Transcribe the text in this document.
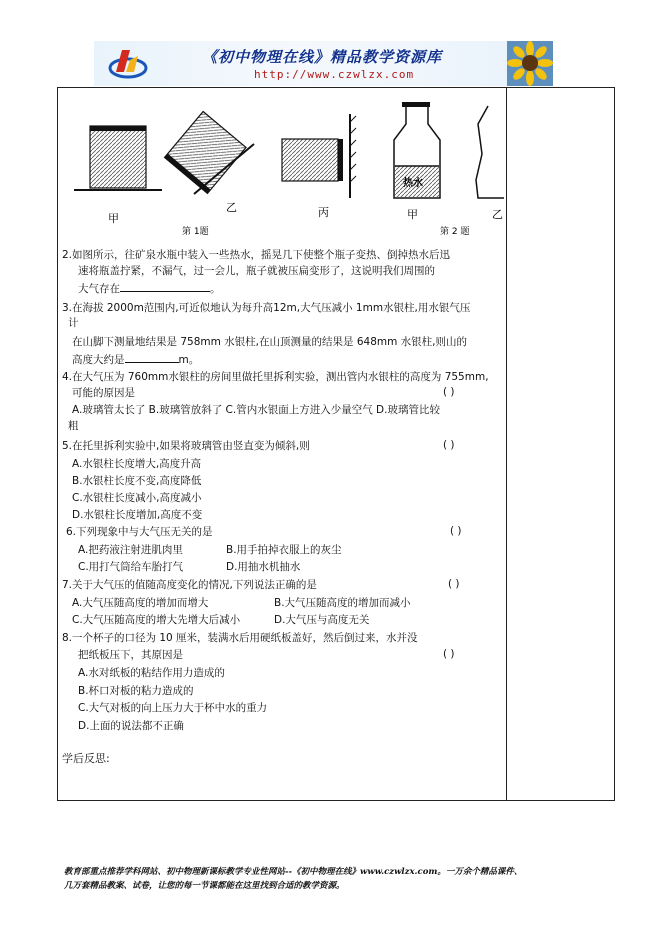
《初中物理在线》精品教学资源库
http://www.czwlzx.com
甲
乙	丙
热水
甲	乙
第 1题	第 2 题
2.如图所示，往矿泉水瓶中装入一些热水，摇晃几下使整个瓶子变热、倒掉热水后迅
速将瓶盖拧紧，不漏气，过一会儿，瓶子就被压扁变形了，这说明我们周围的
大气存在	。
3.在海拔 2000m范围内,可近似地认为每升高12m,大气压减小 1mm水银柱,用水银气压
计
在山脚下测量地结果是 758mm 水银柱,在山顶测量的结果是 648mm 水银柱,则山的
高度大约是	m。
4.在大气压为 760mm水银柱的房间里做托里拆利实验，测出管内水银柱的高度为 755mm,
可能的原因是	( )
A.玻璃管太长了 B.玻璃管放斜了 C.管内水银面上方进入少量空气 D.玻璃管比较
粗
5.在托里拆利实验中,如果将玻璃管由竖直变为倾斜,则	( )
A.水银柱长度增大,高度升高
B.水银柱长度不变,高度降低
C.水银柱长度减小,高度减小
D.水银柱长度增加,高度不变
6.下列现象中与大气压无关的是	( )
A.把药液注射进肌肉里	B.用手拍掉衣服上的灰尘
C.用打气筒给车胎打气	D.用抽水机抽水
7.关于大气压的值随高度变化的情况,下列说法正确的是	( )
A.大气压随高度的增加而增大	B.大气压随高度的增加而减小
C.大气压随高度的增大先增大后减小	D.大气压与高度无关
8.一个杯子的口径为 10 厘米，装满水后用硬纸板盖好，然后倒过来，水并没
把纸板压下，其原因是	( )
A.水对纸板的粘结作用力造成的
B.杯口对板的粘力造成的
C.大气对板的向上压力大于杯中水的重力
D.上面的说法都不正确
学后反思:
教育部重点推荐学科网站、初中物理新课标教学专业性网站--《初中物理在线》www.czwlzx.com。一万余个精品课件、
几万套精品教案、试卷，让您的每一节课都能在这里找到合适的教学资源。
